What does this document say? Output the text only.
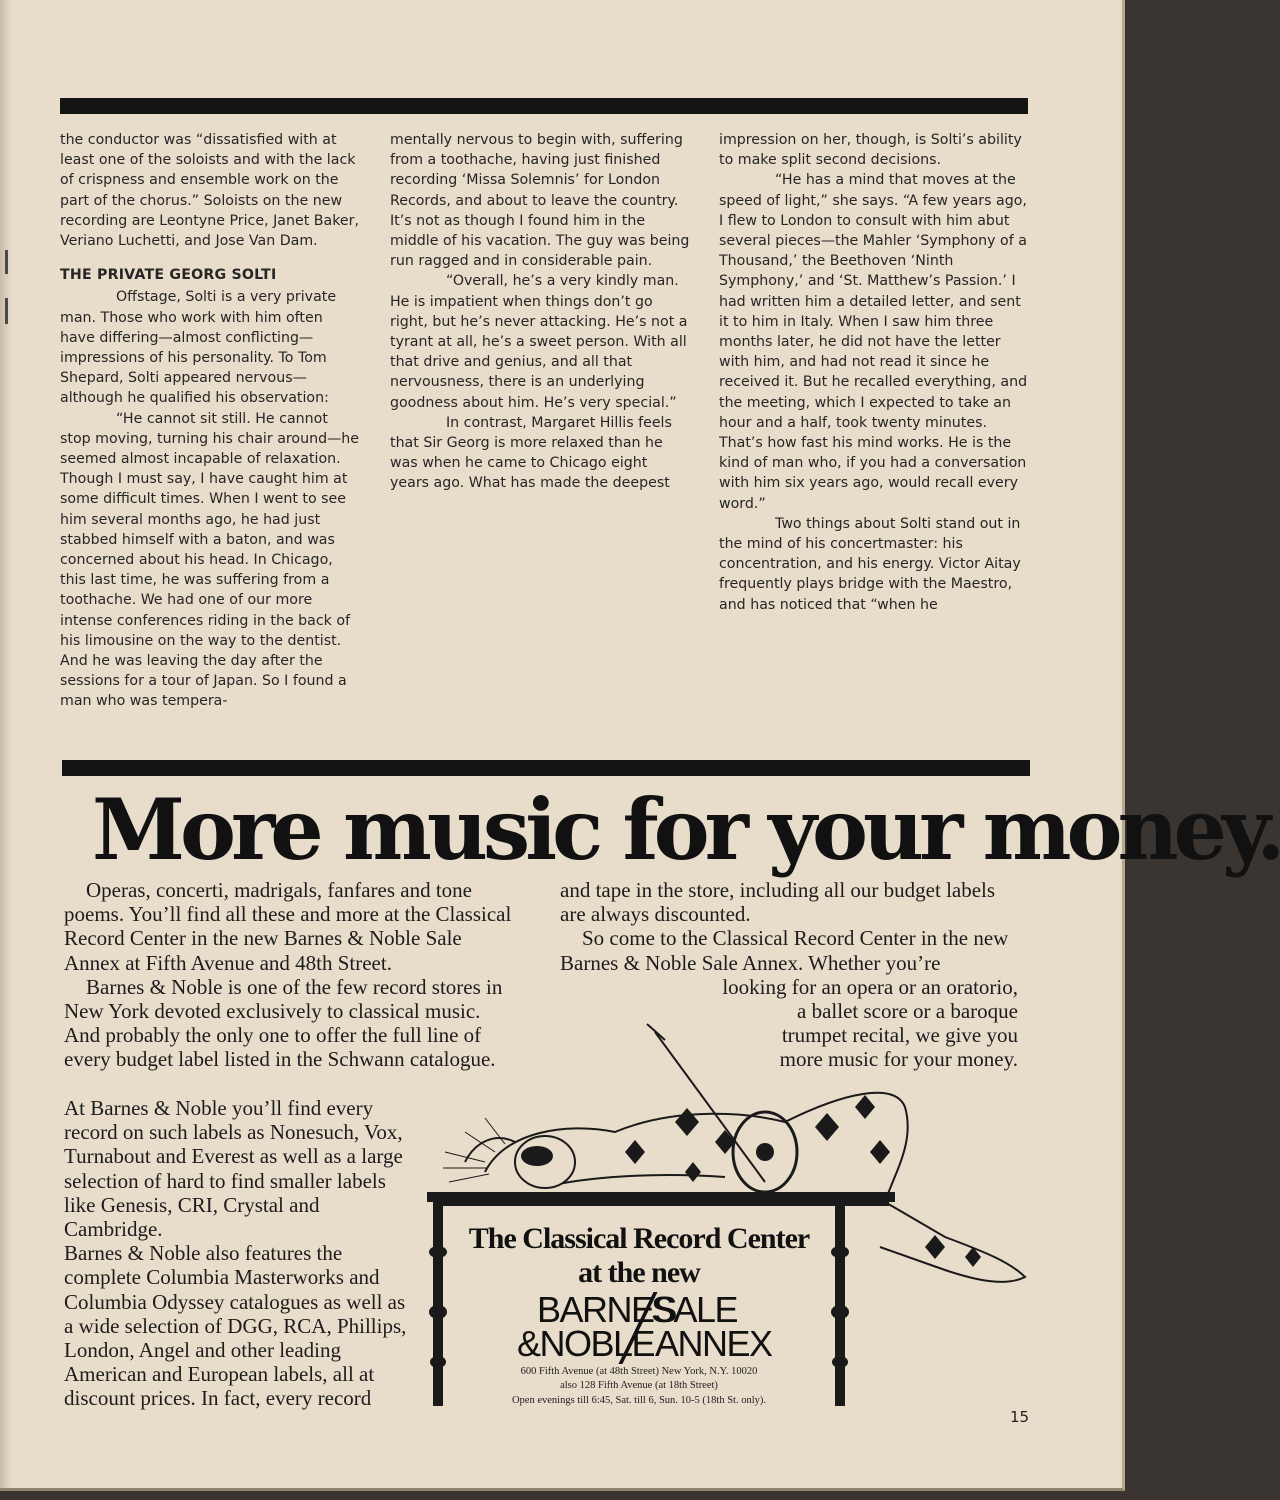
the conductor was “dissatisfied with at least one of the soloists and with the lack of crispness and ensemble work on the part of the chorus.” Soloists on the new recording are Leontyne Price, Janet Baker, Veriano Luchetti, and Jose Van Dam.

THE PRIVATE GEORG SOLTI

Offstage, Solti is a very private man. Those who work with him often have differing—almost conflicting—impressions of his personality. To Tom Shepard, Solti appeared nervous—although he qualified his observation:

“He cannot sit still. He cannot stop moving, turning his chair around—he seemed almost incapable of relaxation. Though I must say, I have caught him at some difficult times. When I went to see him several months ago, he had just stabbed himself with a baton, and was concerned about his head. In Chicago, this last time, he was suffering from a toothache. We had one of our more intense conferences riding in the back of his limousine on the way to the dentist. And he was leaving the day after the sessions for a tour of Japan. So I found a man who was tempera-

mentally nervous to begin with, suffering from a toothache, having just finished recording ‘Missa Solemnis’ for London Records, and about to leave the country. It’s not as though I found him in the middle of his vacation. The guy was being run ragged and in considerable pain.

“Overall, he’s a very kindly man. He is impatient when things don’t go right, but he’s never attacking. He’s not a tyrant at all, he’s a sweet person. With all that drive and genius, and all that nervousness, there is an underlying goodness about him. He’s very special.”

In contrast, Margaret Hillis feels that Sir Georg is more relaxed than he was when he came to Chicago eight years ago. What has made the deepest

impression on her, though, is Solti’s ability to make split second decisions.

“He has a mind that moves at the speed of light,” she says. “A few years ago, I flew to London to consult with him abut several pieces—the Mahler ‘Symphony of a Thousand,’ the Beethoven ‘Ninth Symphony,’ and ‘St. Matthew’s Passion.’ I had written him a detailed letter, and sent it to him in Italy. When I saw him three months later, he did not have the letter with him, and had not read it since he received it. But he recalled everything, and the meeting, which I expected to take an hour and a half, took twenty minutes. That’s how fast his mind works. He is the kind of man who, if you had a conversation with him six years ago, would recall every word.”

Two things about Solti stand out in the mind of his concertmaster: his concentration, and his energy. Victor Aitay frequently plays bridge with the Maestro, and has noticed that “when he

More music for your money.

Operas, concerti, madrigals, fanfares and tone poems. You’ll find all these and more at the Classical Record Center in the new Barnes & Noble Sale Annex at Fifth Avenue and 48th Street.

Barnes & Noble is one of the few record stores in New York devoted exclusively to classical music. And probably the only one to offer the full line of every budget label listed in the Schwann catalogue.

At Barnes & Noble you’ll find every record on such labels as Nonesuch, Vox, Turnabout and Everest as well as a large selection of hard to find smaller labels like Genesis, CRI, Crystal and Cambridge.

Barnes & Noble also features the complete Columbia Masterworks and Columbia Odyssey catalogues as well as a wide selection of DGG, RCA, Phillips, London, Angel and other leading American and European labels, all at discount prices. In fact, every record

and tape in the store, including all our budget labels are always discounted.

So come to the Classical Record Center in the new Barnes & Noble Sale Annex. Whether you’re

looking for an opera or an oratorio,
a ballet score or a baroque
trumpet recital, we give you
more music for your money.
The Classical Record Center
at the new
BARNES
&NOBLE
SALE
ANNEX
600 Fifth Avenue (at 48th Street) New York, N.Y. 10020
also 128 Fifth Avenue (at 18th Street)
Open evenings till 6:45, Sat. till 6, Sun. 10-5 (18th St. only).
15
